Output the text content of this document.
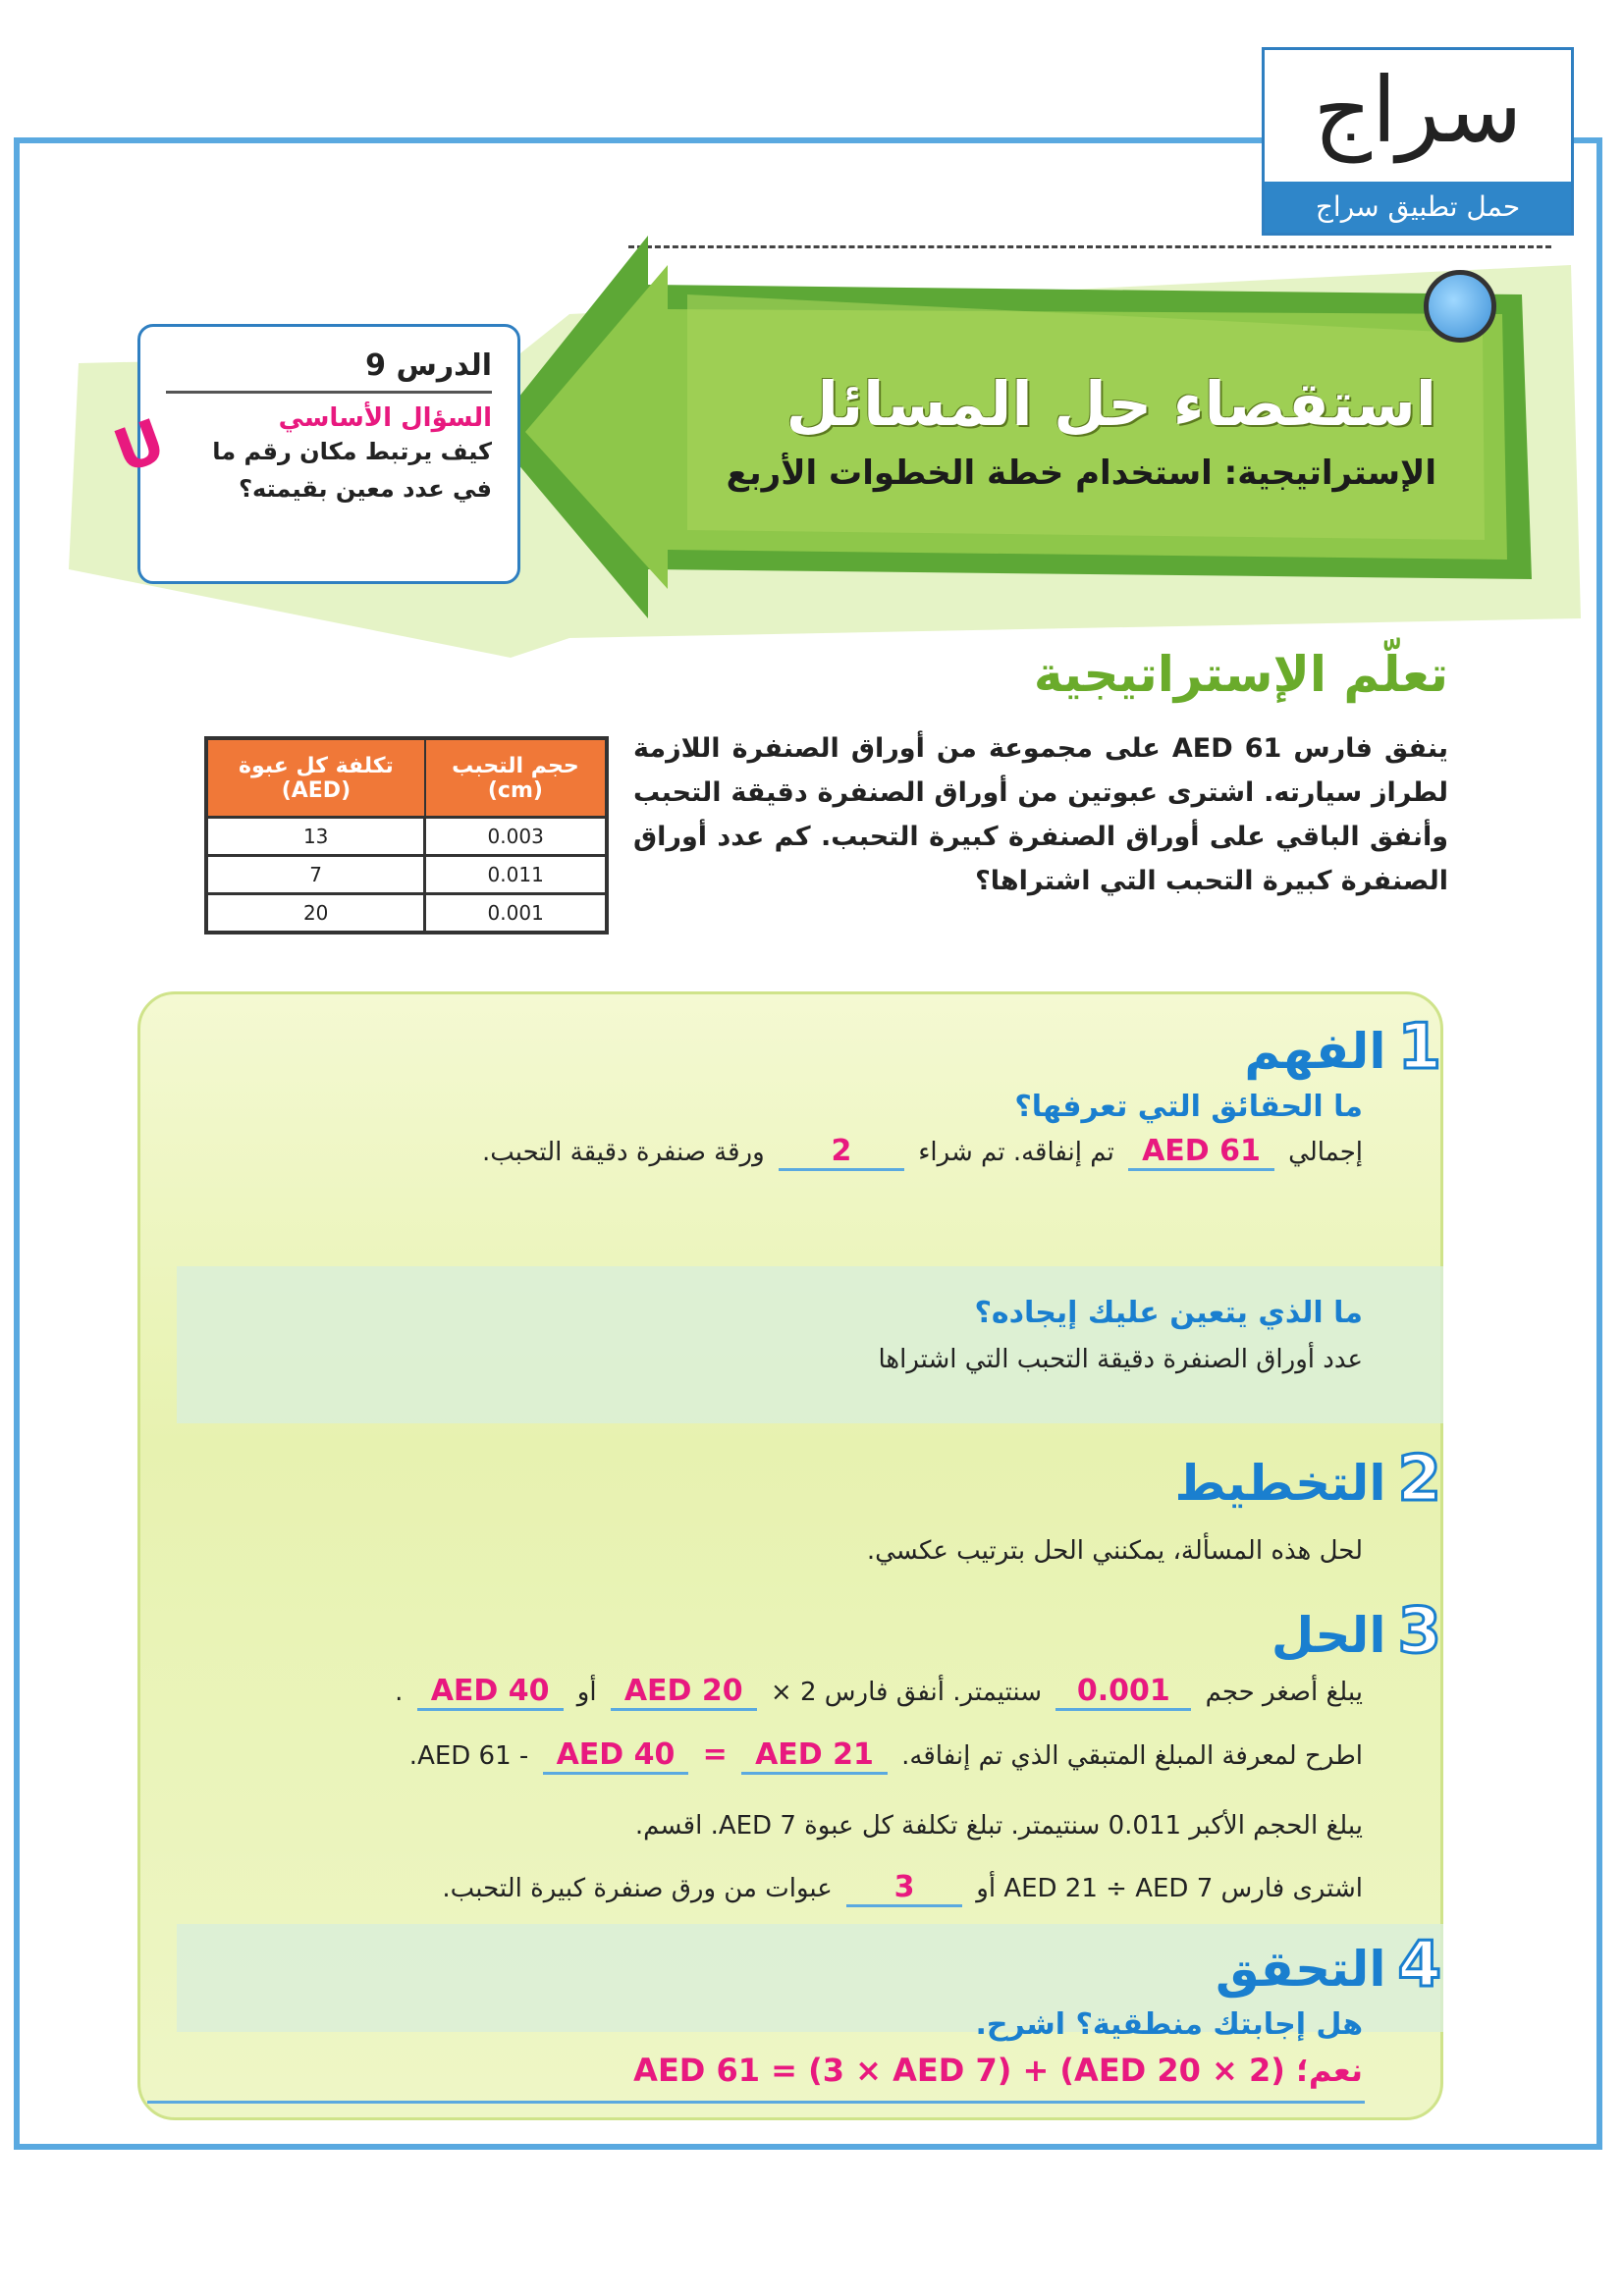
سراج
حمل تطبيق سراج
استقصاء حل المسائل
الإستراتيجية: استخدام خطة الخطوات الأربع
الدرس 9
السؤال الأساسي
كيف يرتبط مكان رقم ما في عدد معين بقيمته؟
U
تعلّم الإستراتيجية
ينفق فارس AED 61 على مجموعة من أوراق الصنفرة اللازمة لطراز سيارته. اشترى عبوتين من أوراق الصنفرة دقيقة التحبب وأنفق الباقي على أوراق الصنفرة كبيرة التحبب. كم عدد أوراق الصنفرة كبيرة التحبب التي اشتراها؟
تكلفة كل عبوة (AED)	حجم التحبب (cm)
13	0.003
7	0.011
20	0.001
1الفهم
ما الحقائق التي تعرفها؟
إجمالي AED 61 تم إنفاقه. تم شراء 2 ورقة صنفرة دقيقة التحبب.
ما الذي يتعين عليك إيجاده؟
عدد أوراق الصنفرة دقيقة التحبب التي اشتراها
2التخطيط
لحل هذه المسألة، يمكنني الحل بترتيب عكسي.
3الحل
يبلغ أصغر حجم 0.001 سنتيمتر. أنفق فارس 2 × AED 20 أو AED 40 .
اطرح لمعرفة المبلغ المتبقي الذي تم إنفاقه. AED 21 = AED 40 - AED 61.
يبلغ الحجم الأكبر 0.011 سنتيمتر. تبلغ تكلفة كل عبوة AED 7. اقسم.
اشترى فارس AED 21 ÷ AED 7 أو 3 عبوات من ورق صنفرة كبيرة التحبب.
4التحقق
هل إجابتك منطقية؟ اشرح.
نعم؛ (2 × AED 20) + (3 × AED 7) = AED 61
